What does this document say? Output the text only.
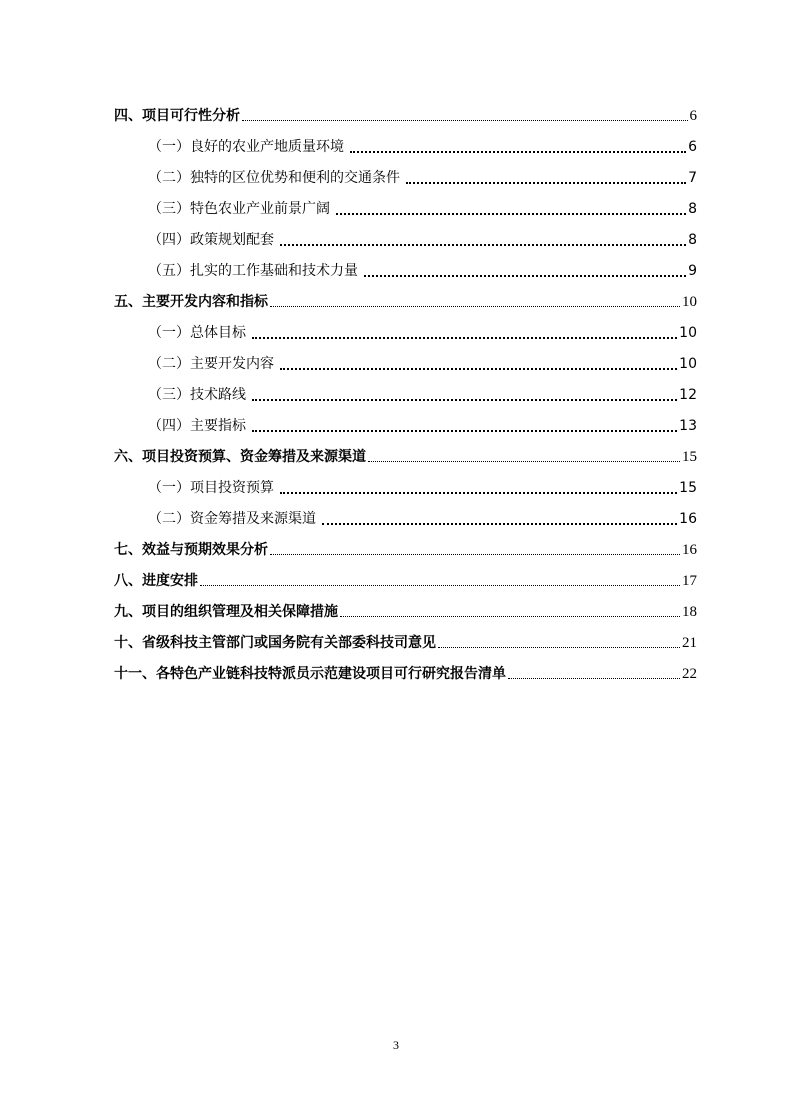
四、项目可行性分析	6
（一）良好的农业产地质量环境	6
（二）独特的区位优势和便利的交通条件	7
（三）特色农业产业前景广阔	8
（四）政策规划配套	8
（五）扎实的工作基础和技术力量	9
五、主要开发内容和指标	10
（一）总体目标	10
（二）主要开发内容	10
（三）技术路线	12
（四）主要指标	13
六、项目投资预算、资金筹措及来源渠道	15
（一）项目投资预算	15
（二）资金筹措及来源渠道	16
七、效益与预期效果分析	16
八、进度安排	17
九、项目的组织管理及相关保障措施	18
十、省级科技主管部门或国务院有关部委科技司意见	21
十一、各特色产业链科技特派员示范建设项目可行研究报告清单	22
3
